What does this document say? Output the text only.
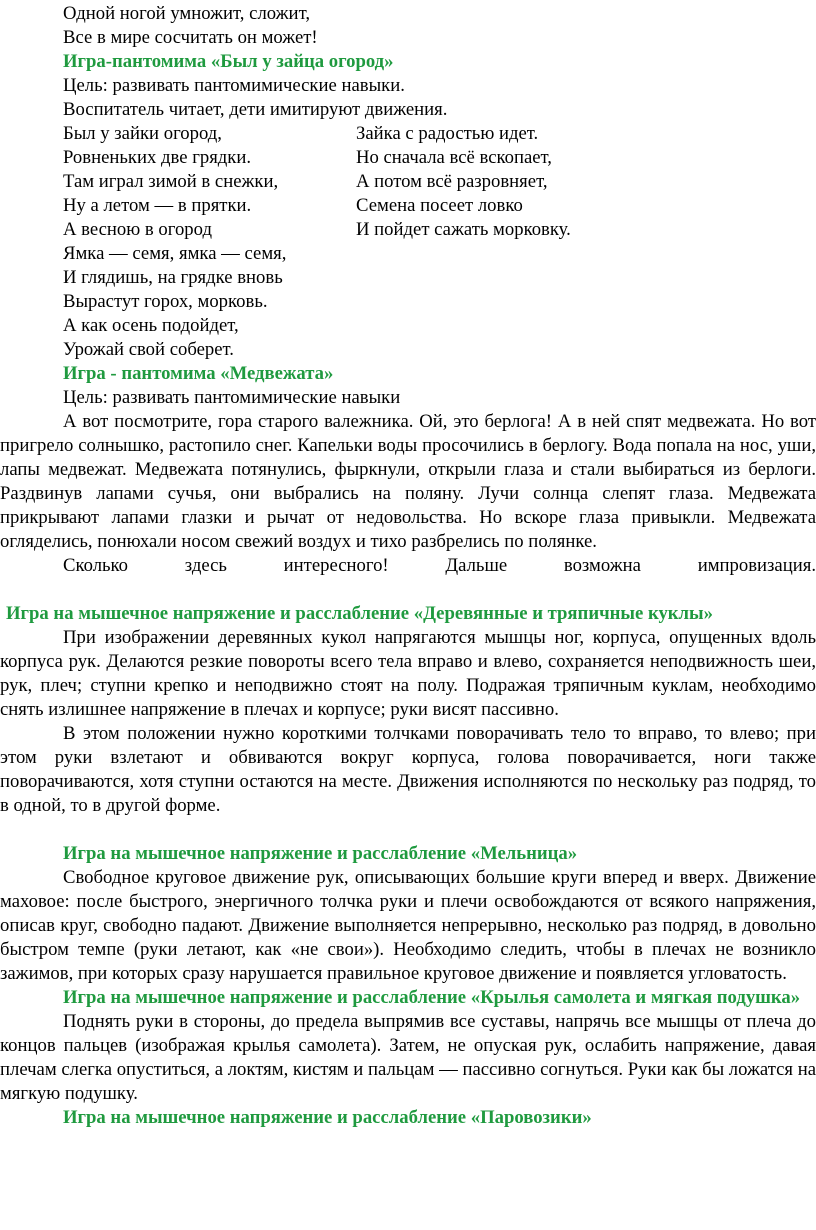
Одной ногой умножит, сложит,
Все в мире сосчитать он может!
Игра-пантомима «Был у зайца огород»
Цель: развивать пантомимические навыки.
Воспитатель читает, дети имитируют движения.
Был у зайки огород,	Зайка с радостью идет.
Ровненьких две грядки.	Но сначала всё вскопает,
Там играл зимой в снежки,	А потом всё разровняет,
Ну а летом — в прятки.	Семена посеет ловко
А весною в огород	И пойдет сажать морковку.
Ямка — семя, ямка — семя,
И глядишь, на грядке вновь
Вырастут горох, морковь.
А как осень подойдет,
Урожай свой соберет.
Игра - пантомима «Медвежата»
Цель: развивать пантомимические навыки

А вот посмотрите, гора старого валежника. Ой, это берлога! А в ней спят медвежата. Но вот пригрело солнышко, растопило снег. Капельки воды просочились в берлогу. Вода попала на нос, уши, лапы медвежат. Медвежата потянулись, фыркнули, открыли глаза и стали выбираться из берлоги. Раздвинув лапами сучья, они выбрались на поляну. Лучи солнца слепят глаза. Медвежата прикрывают лапами глазки и рычат от недовольства. Но вскоре глаза привыкли. Медвежата огляделись, понюхали носом свежий воздух и тихо разбрелись по полянке.

Сколько здесь интересного! Дальше возможна импровизация.

Игра на мышечное напряжение и расслабление «Деревянные и тряпичные куклы»

При изображении деревянных кукол напрягаются мышцы ног, корпуса, опущенных вдоль корпуса рук. Делаются резкие повороты всего тела вправо и влево, сохраняется неподвижность шеи, рук, плеч; ступни крепко и неподвижно стоят на полу. Подражая тряпичным куклам, необходимо снять излишнее напряжение в плечах и корпусе; руки висят пассивно.

В этом положении нужно короткими толчками поворачивать тело то вправо, то влево; при этом руки взлетают и обвиваются вокруг корпуса, голова поворачивается, ноги также поворачиваются, хотя ступни остаются на месте. Движения исполняются по нескольку раз подряд, то в одной, то в другой форме.

Игра на мышечное напряжение и расслабление «Мельница»

Свободное круговое движение рук, описывающих большие круги вперед и вверх. Движение маховое: после быстрого, энергичного толчка руки и плечи освобождаются от всякого напряжения, описав круг, свободно падают. Движение выполняется непрерывно, несколько раз подряд, в довольно быстром темпе (руки летают, как «не свои»). Необходимо следить, чтобы в плечах не возникло зажимов, при которых сразу нарушается правильное круговое движение и появляется угловатость.

Игра на мышечное напряжение и расслабление «Крылья самолета и мягкая подушка»

Поднять руки в стороны, до предела выпрямив все суставы, напрячь все мышцы от плеча до концов пальцев (изображая крылья самолета). Затем, не опуская рук, ослабить напряжение, давая плечам слегка опуститься, а локтям, кистям и пальцам — пассивно согнуться. Руки как бы ложатся на мягкую подушку.

Игра на мышечное напряжение и расслабление «Паровозики»
